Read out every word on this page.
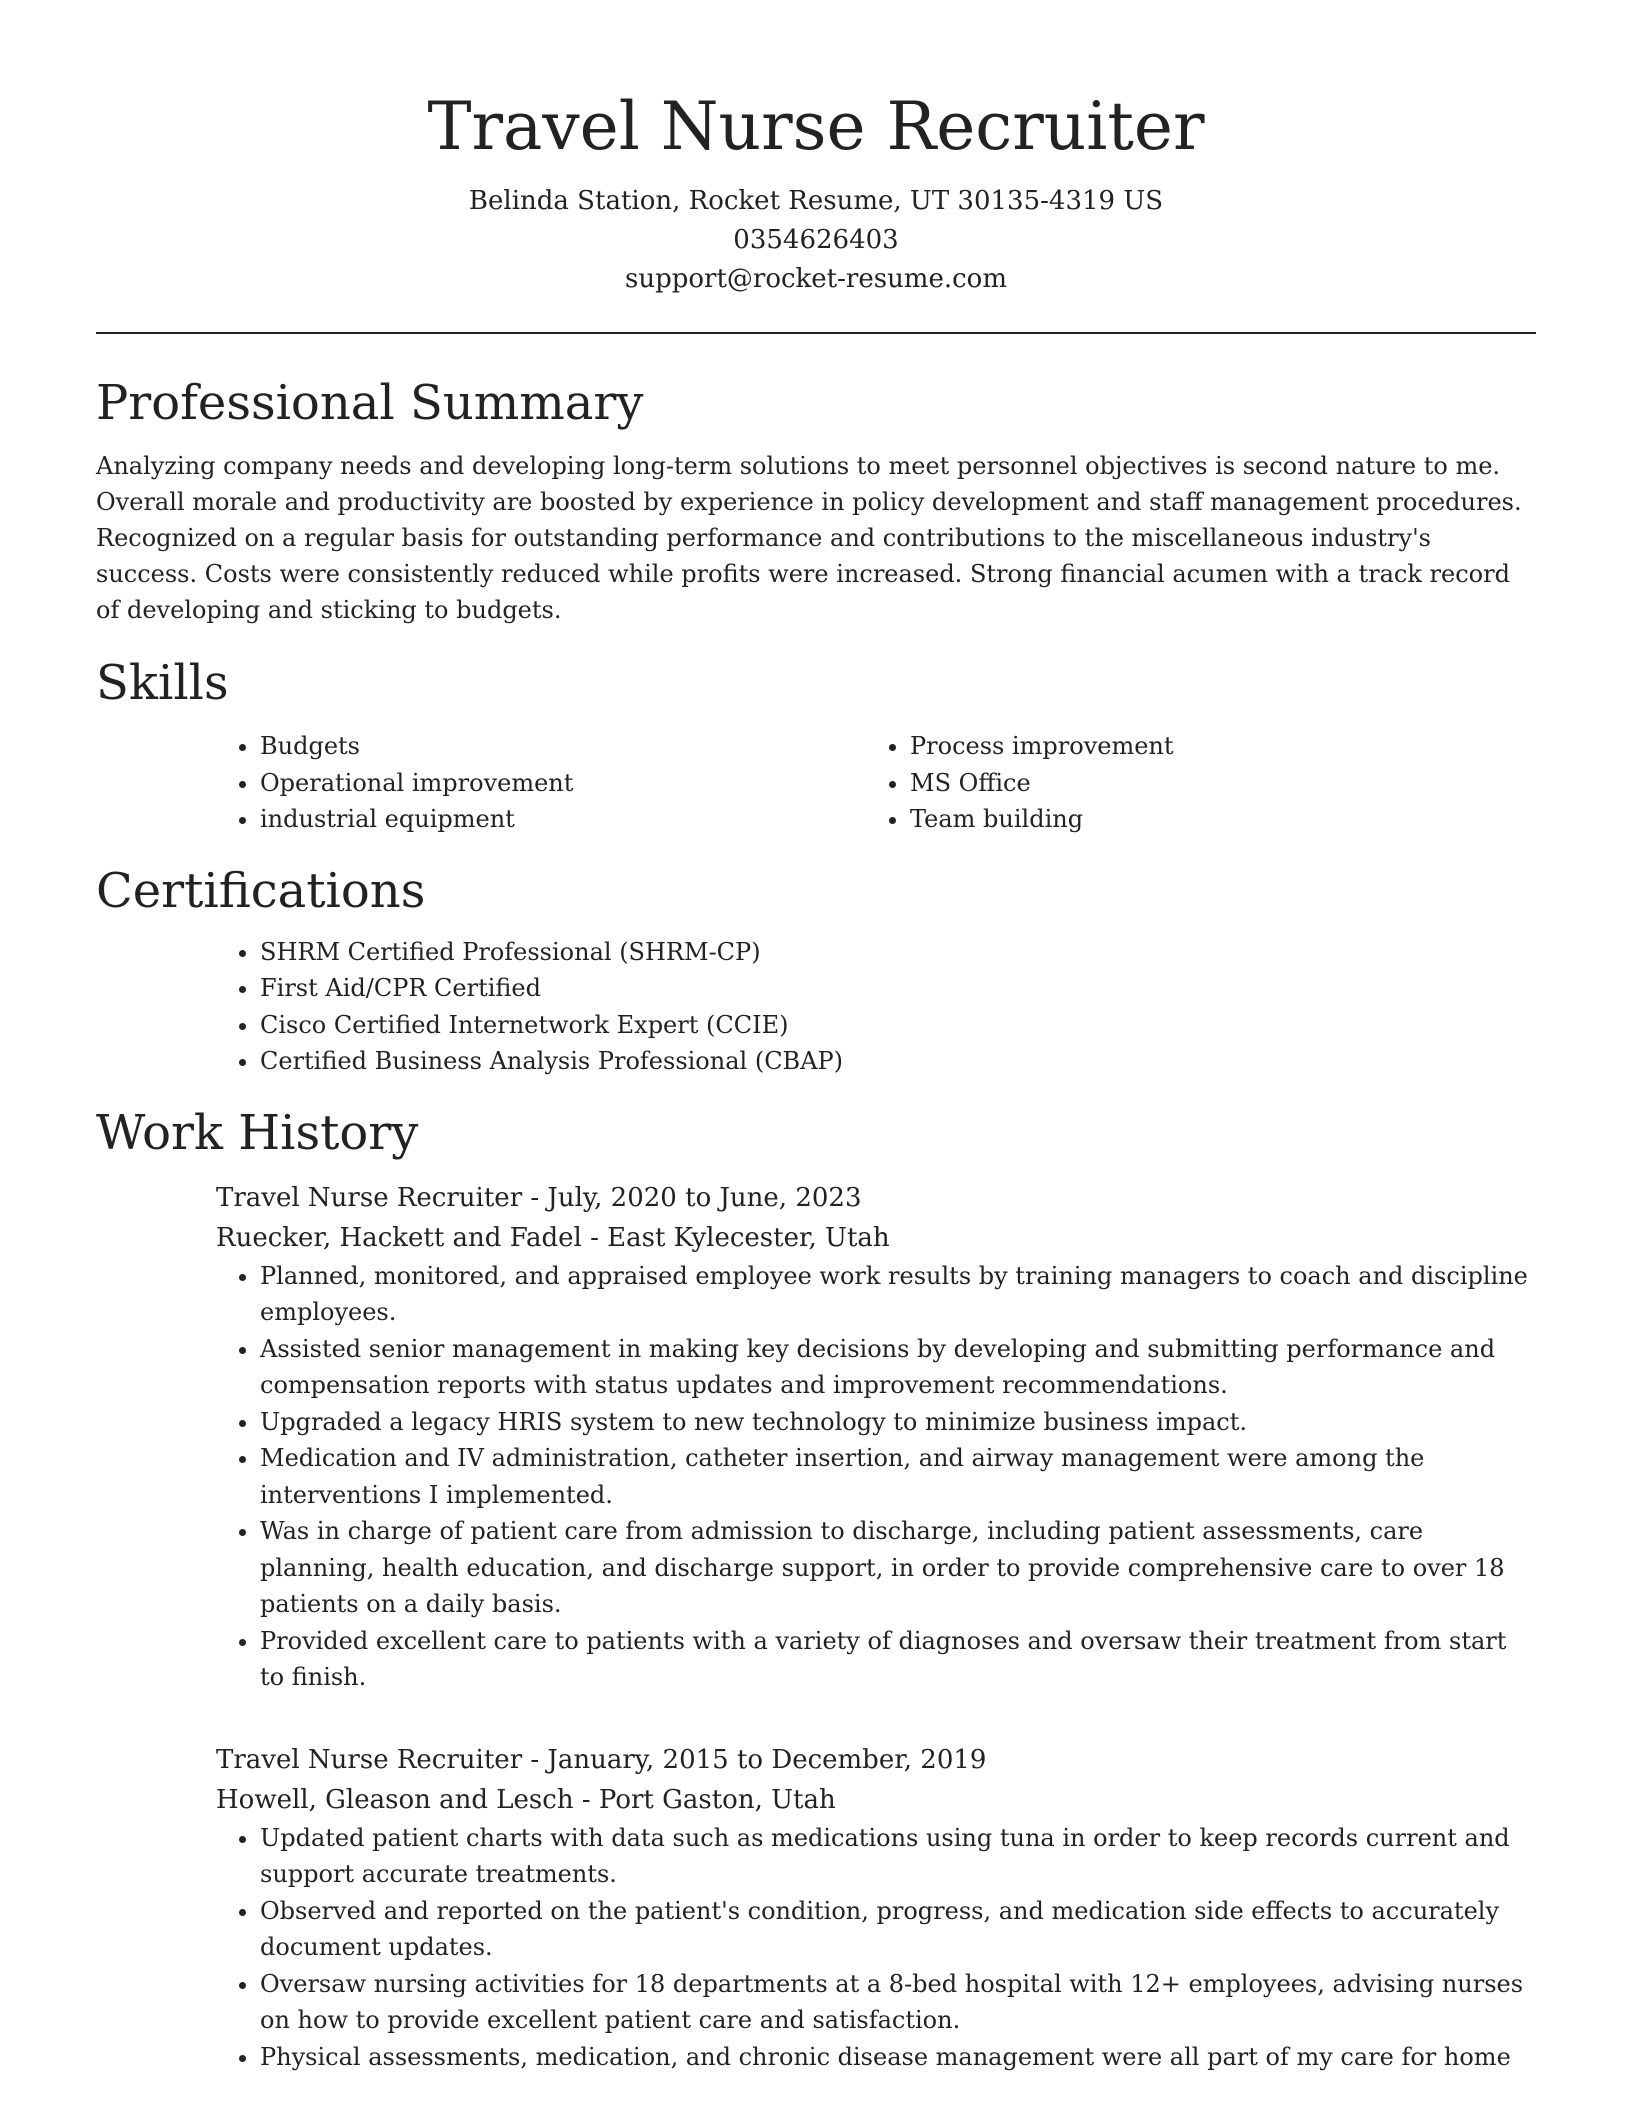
Travel Nurse Recruiter

Belinda Station, Rocket Resume, UT 30135-4319 US

0354626403

support@rocket-resume.com

Professional Summary

Analyzing company needs and developing long-term solutions to meet personnel objectives is second nature to me. Overall morale and productivity are boosted by experience in policy development and staff management procedures. Recognized on a regular basis for outstanding performance and contributions to the miscellaneous industry's success. Costs were consistently reduced while profits were increased. Strong financial acumen with a track record of developing and sticking to budgets.

Skills
• Budgets
• Operational improvement
• industrial equipment
• Process improvement
• MS Office
• Team building
Certifications
• SHRM Certified Professional (SHRM-CP)
• First Aid/CPR Certified
• Cisco Certified Internetwork Expert (CCIE)
• Certified Business Analysis Professional (CBAP)
Work History

Travel Nurse Recruiter - July, 2020 to June, 2023

Ruecker, Hackett and Fadel - East Kylecester, Utah

• Planned, monitored, and appraised employee work results by training managers to coach and discipline employees.
• Assisted senior management in making key decisions by developing and submitting performance and compensation reports with status updates and improvement recommendations.
• Upgraded a legacy HRIS system to new technology to minimize business impact.
• Medication and IV administration, catheter insertion, and airway management were among the interventions I implemented.
• Was in charge of patient care from admission to discharge, including patient assessments, care planning, health education, and discharge support, in order to provide comprehensive care to over 18 patients on a daily basis.
• Provided excellent care to patients with a variety of diagnoses and oversaw their treatment from start to finish.

Travel Nurse Recruiter - January, 2015 to December, 2019

Howell, Gleason and Lesch - Port Gaston, Utah

• Updated patient charts with data such as medications using tuna in order to keep records current and support accurate treatments.
• Observed and reported on the patient's condition, progress, and medication side effects to accurately document updates.
• Oversaw nursing activities for 18 departments at a 8-bed hospital with 12+ employees, advising nurses on how to provide excellent patient care and satisfaction.
• Physical assessments, medication, and chronic disease management were all part of my care for home
